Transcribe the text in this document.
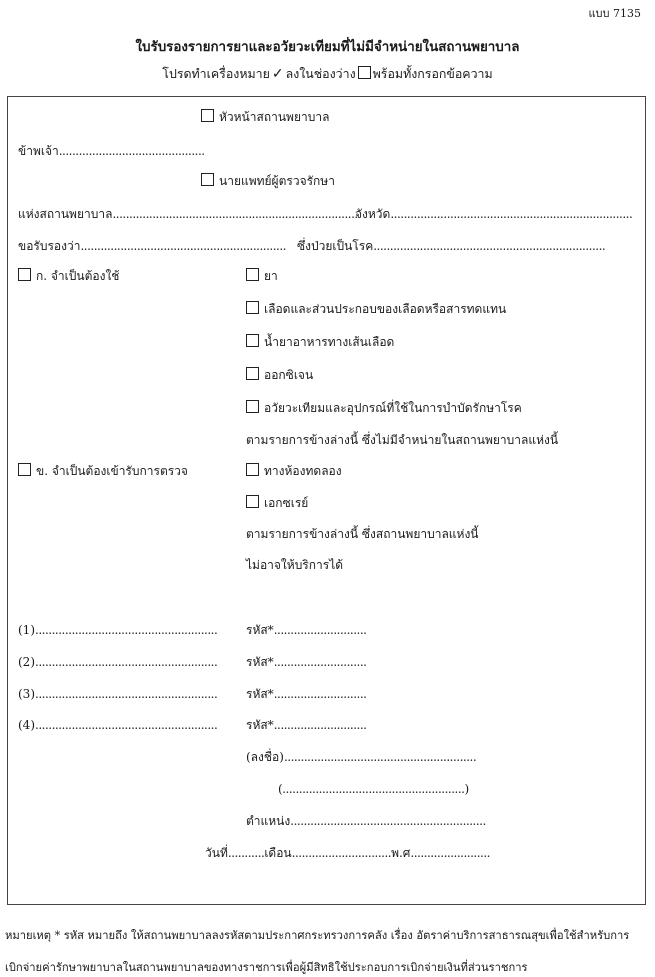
แบบ 7135
ใบรับรองรายการยาและอวัยวะเทียมที่ไม่มีจำหน่ายในสถานพยาบาล
โปรดทำเครื่องหมาย ✓ ลงในช่องว่าง พร้อมทั้งกรอกข้อความ
หัวหน้าสถานพยาบาล
ข้าพเจ้า............................................
นายแพทย์ผู้ตรวจรักษา
แห่งสถานพยาบาล..........................................................................
จังหวัด.........................................................................
ขอรับรองว่า.............................................................. ซึ่งป่วยเป็นโรค......................................................................
ก. จำเป็นต้องใช้	ยา
เลือดและส่วนประกอบของเลือดหรือสารทดแทน
น้ำยาอาหารทางเส้นเลือด
ออกซิเจน
อวัยวะเทียมและอุปกรณ์ที่ใช้ในการบำบัดรักษาโรค
ตามรายการข้างล่างนี้ ซึ่งไม่มีจำหน่ายในสถานพยาบาลแห่งนี้
ข. จำเป็นต้องเข้ารับการตรวจ	ทางห้องทดลอง
เอกซเรย์
ตามรายการข้างล่างนี้ ซึ่งสถานพยาบาลแห่งนี้
ไม่อาจให้บริการได้
(1)....................................................... รหัส*............................
(2)....................................................... รหัส*............................
(3)....................................................... รหัส*............................
(4)....................................................... รหัส*............................
(ลงชื่อ)..........................................................
(.......................................................)
ตำแหน่ง...........................................................
วันที่...........เดือน..............................พ.ศ........................
หมายเหตุ * รหัส หมายถึง ให้สถานพยาบาลลงรหัสตามประกาศกระทรวงการคลัง เรื่อง อัตราค่าบริการสาธารณสุขเพื่อใช้สำหรับการ
เบิกจ่ายค่ารักษาพยาบาลในสถานพยาบาลของทางราชการเพื่อผู้มีสิทธิใช้ประกอบการเบิกจ่ายเงินที่ส่วนราชการ
